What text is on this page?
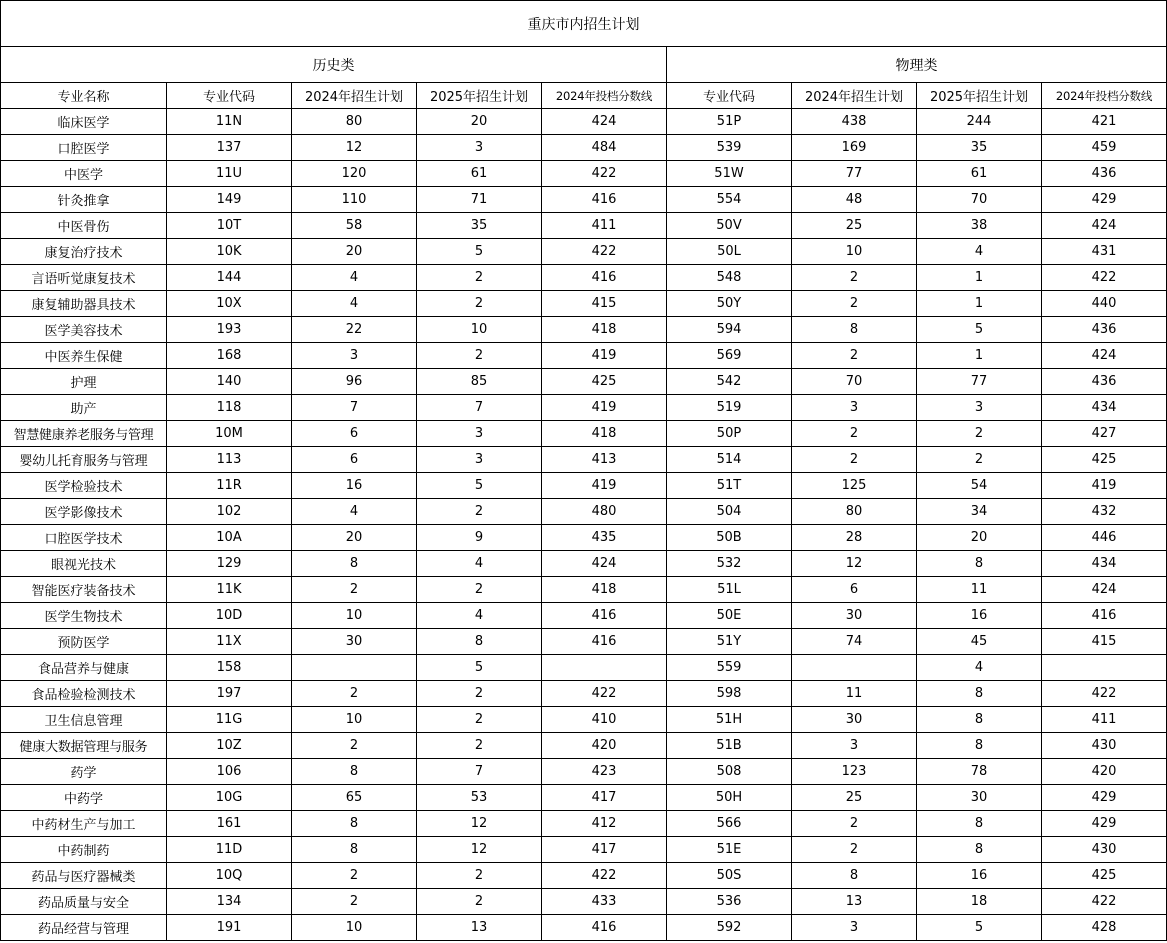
重庆市内招生计划								
历史类					物理类			
专业名称	专业代码	2024年招生计划	2025年招生计划	2024年投档分数线	专业代码	2024年招生计划	2025年招生计划	2024年投档分数线
临床医学	11N	80	20	424	51P	438	244	421
口腔医学	137	12	3	484	539	169	35	459
中医学	11U	120	61	422	51W	77	61	436
针灸推拿	149	110	71	416	554	48	70	429
中医骨伤	10T	58	35	411	50V	25	38	424
康复治疗技术	10K	20	5	422	50L	10	4	431
言语听觉康复技术	144	4	2	416	548	2	1	422
康复辅助器具技术	10X	4	2	415	50Y	2	1	440
医学美容技术	193	22	10	418	594	8	5	436
中医养生保健	168	3	2	419	569	2	1	424
护理	140	96	85	425	542	70	77	436
助产	118	7	7	419	519	3	3	434
智慧健康养老服务与管理	10M	6	3	418	50P	2	2	427
婴幼儿托育服务与管理	113	6	3	413	514	2	2	425
医学检验技术	11R	16	5	419	51T	125	54	419
医学影像技术	102	4	2	480	504	80	34	432
口腔医学技术	10A	20	9	435	50B	28	20	446
眼视光技术	129	8	4	424	532	12	8	434
智能医疗装备技术	11K	2	2	418	51L	6	11	424
医学生物技术	10D	10	4	416	50E	30	16	416
预防医学	11X	30	8	416	51Y	74	45	415
食品营养与健康	158		5		559		4	
食品检验检测技术	197	2	2	422	598	11	8	422
卫生信息管理	11G	10	2	410	51H	30	8	411
健康大数据管理与服务	10Z	2	2	420	51B	3	8	430
药学	106	8	7	423	508	123	78	420
中药学	10G	65	53	417	50H	25	30	429
中药材生产与加工	161	8	12	412	566	2	8	429
中药制药	11D	8	12	417	51E	2	8	430
药品与医疗器械类	10Q	2	2	422	50S	8	16	425
药品质量与安全	134	2	2	433	536	13	18	422
药品经营与管理	191	10	13	416	592	3	5	428
